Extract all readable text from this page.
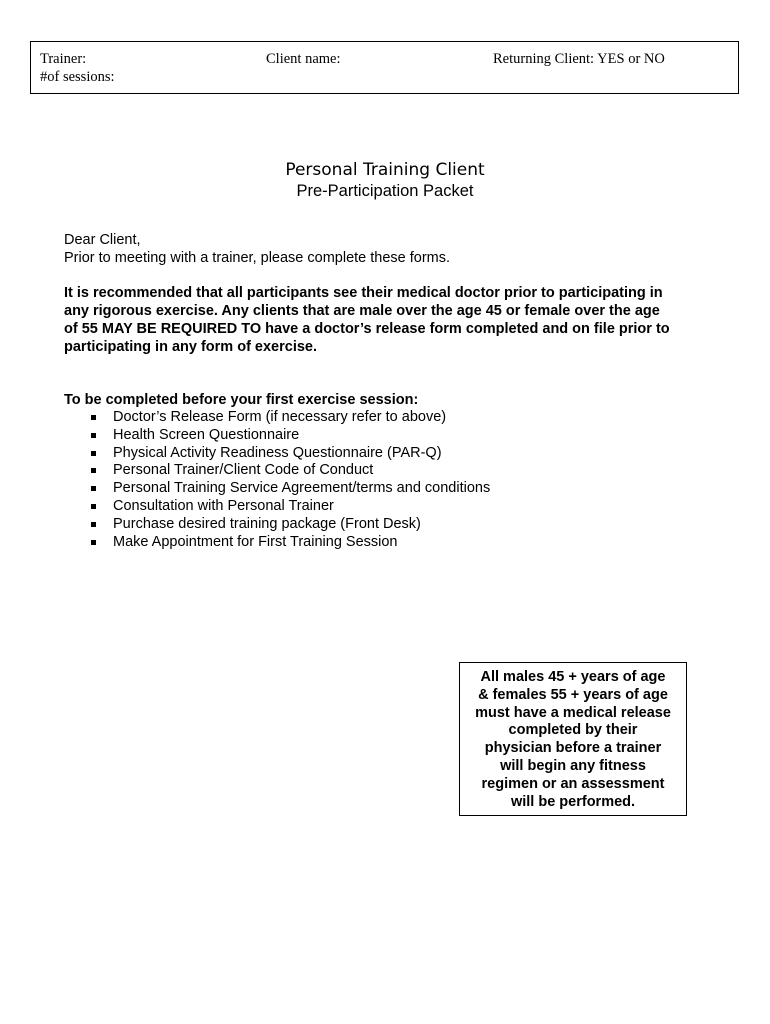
Trainer:
#of sessions:
Client name:	Returning Client: YES or NO
Personal Training Client
Pre-Participation Packet
Dear Client,
Prior to meeting with a trainer, please complete these forms.
It is recommended that all participants see their medical doctor prior to participating in
any rigorous exercise. Any clients that are male over the age 45 or female over the age
of 55 MAY BE REQUIRED TO have a doctor’s release form completed and on file prior to
participating in any form of exercise.
To be completed before your first exercise session:
Doctor’s Release Form (if necessary refer to above)
Health Screen Questionnaire
Physical Activity Readiness Questionnaire (PAR-Q)
Personal Trainer/Client Code of Conduct
Personal Training Service Agreement/terms and conditions
Consultation with Personal Trainer
Purchase desired training package (Front Desk)
Make Appointment for First Training Session
All males 45 + years of age
& females 55 + years of age
must have a medical release
completed by their
physician before a trainer
will begin any fitness
regimen or an assessment
will be performed.
